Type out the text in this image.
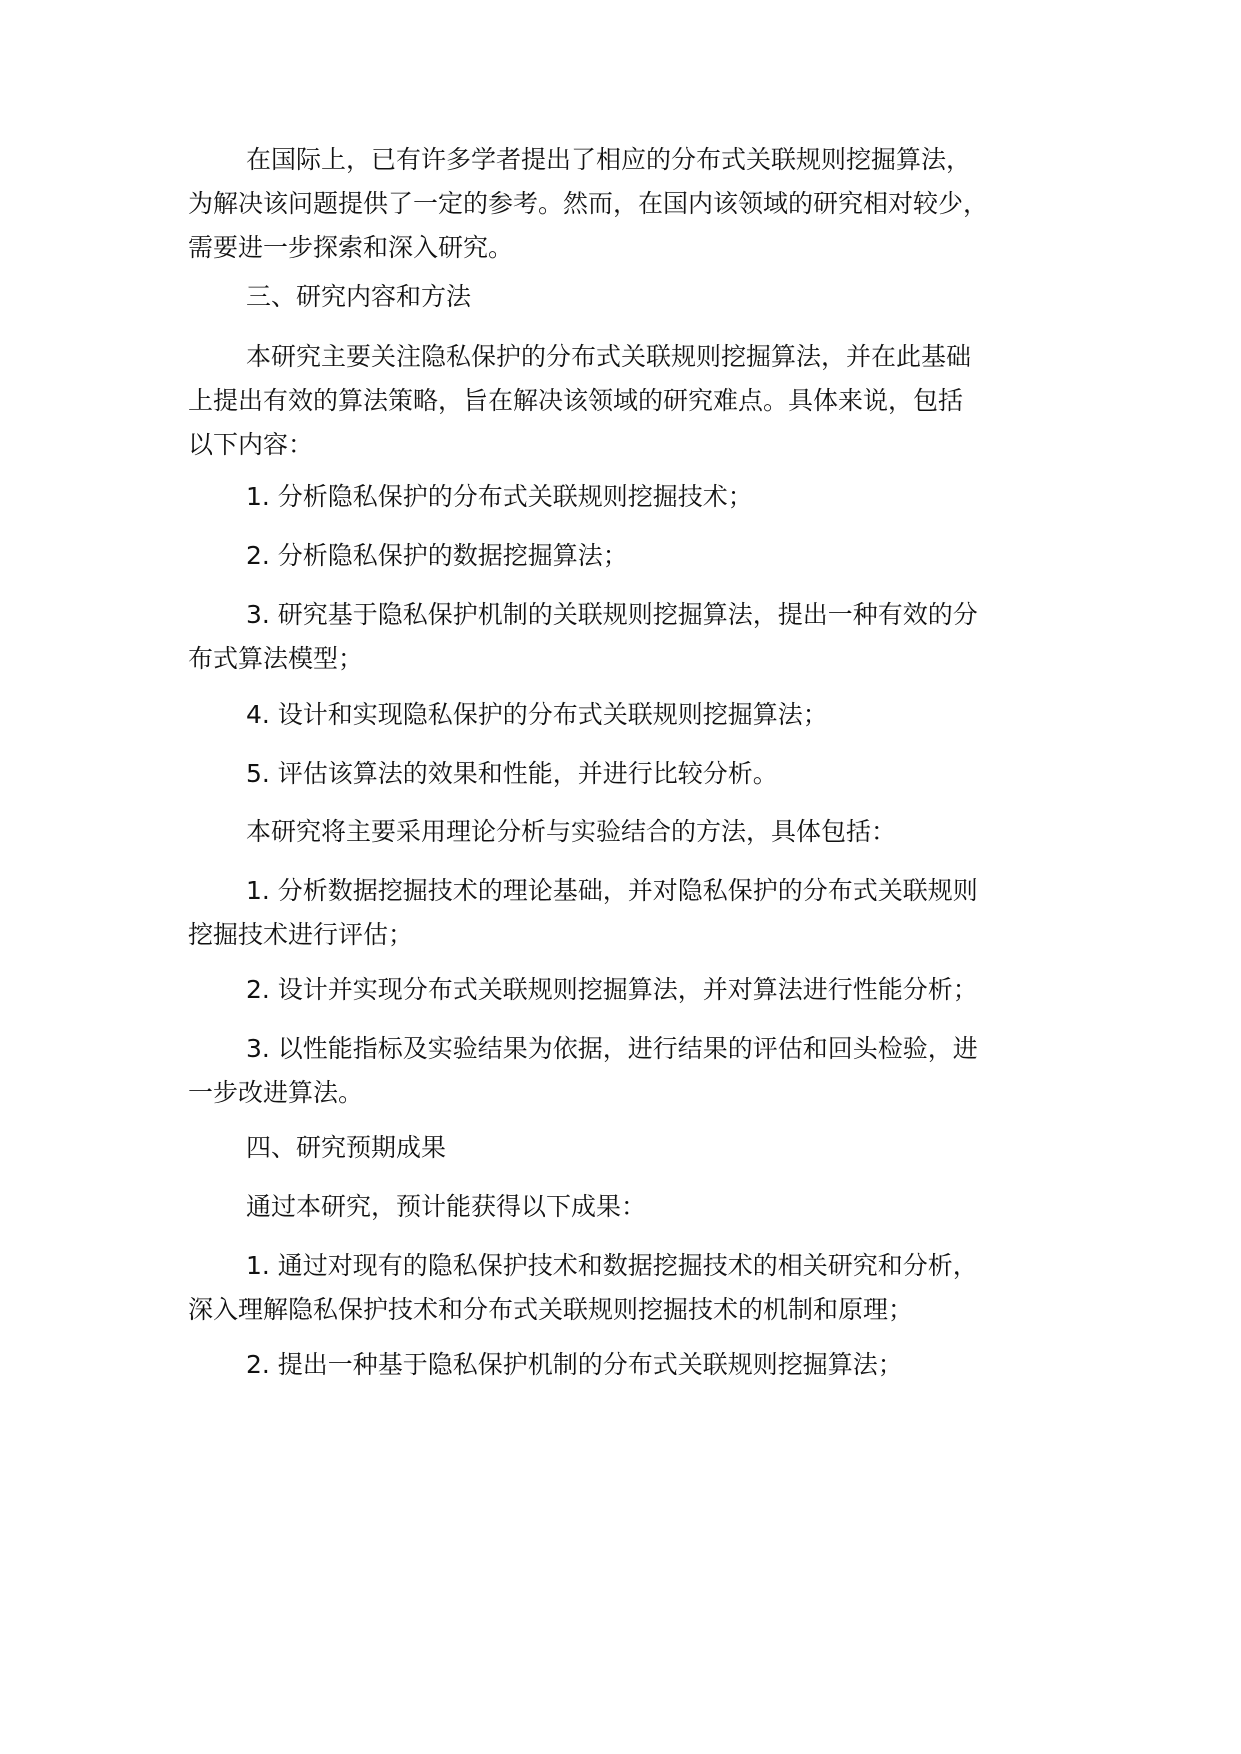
在国际上，已有许多学者提出了相应的分布式关联规则挖掘算法，
为解决该问题提供了一定的参考。然而，在国内该领域的研究相对较少，
需要进一步探索和深入研究。

三、研究内容和方法

本研究主要关注隐私保护的分布式关联规则挖掘算法，并在此基础
上提出有效的算法策略，旨在解决该领域的研究难点。具体来说，包括
以下内容：

1. 分析隐私保护的分布式关联规则挖掘技术；

2. 分析隐私保护的数据挖掘算法；

3. 研究基于隐私保护机制的关联规则挖掘算法，提出一种有效的分
布式算法模型；

4. 设计和实现隐私保护的分布式关联规则挖掘算法；

5. 评估该算法的效果和性能，并进行比较分析。

本研究将主要采用理论分析与实验结合的方法，具体包括：

1. 分析数据挖掘技术的理论基础，并对隐私保护的分布式关联规则
挖掘技术进行评估；

2. 设计并实现分布式关联规则挖掘算法，并对算法进行性能分析；

3. 以性能指标及实验结果为依据，进行结果的评估和回头检验，进
一步改进算法。

四、研究预期成果

通过本研究，预计能获得以下成果：

1. 通过对现有的隐私保护技术和数据挖掘技术的相关研究和分析，
深入理解隐私保护技术和分布式关联规则挖掘技术的机制和原理；

2. 提出一种基于隐私保护机制的分布式关联规则挖掘算法；
